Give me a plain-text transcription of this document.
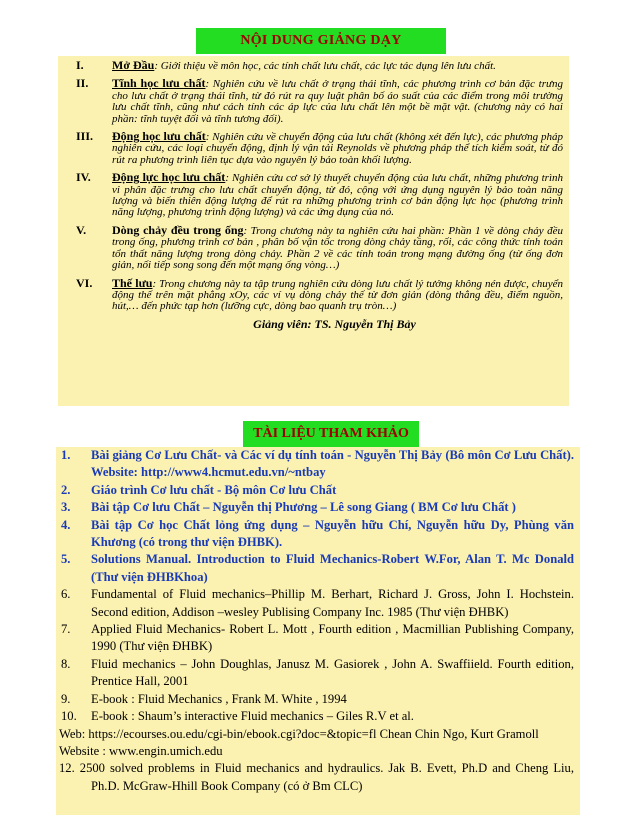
NỘI DUNG GIẢNG DẠY
I.	Mở Đầu: Giới thiệu về môn học, các tính chất lưu chất, các lực tác dụng lên lưu chất.
II.	Tĩnh học lưu chất: Nghiên cứu về lưu chất ở trạng thái tĩnh, các phương trình cơ bản đặc trưng cho lưu chất ở trạng thái tĩnh, từ đó rút ra quy luật phân bố áo suất của các điểm trong môi trường lưu chất tĩnh, cũng như cách tính các áp lực của lưu chất lên một bề mặt vật. (chương này có hai phần: tĩnh tuyệt đối và tĩnh tương đối).
III.	Động học lưu chất: Nghiên cứu về chuyển động của lưu chất (không xét đến lực), các phương pháp nghiên cứu, các loại chuyển động, định lý vận tải Reynolds về phương pháp thể tích kiểm soát, từ đó rút ra phương trình liên tục dựa vào nguyên lý bảo toàn khối lượng.
IV.	Động lực học lưu chất: Nghiên cứu cơ sở lý thuyết chuyển động của lưu chất, những phương trình vi phân đặc trưng cho lưu chất chuyển động, từ đó, cộng với ứng dụng nguyên lý bảo toàn năng lượng và biến thiên động lượng để rút ra những phương trình cơ bản động lực học (phương trình năng lượng, phương trình động lượng) và các ứng dụng của nó.
V.	Dòng chảy đều trong ống: Trong chương này ta nghiên cứu hai phần: Phần 1 về dòng chảy đều trong ống, phương trình cơ bản , phân bố vận tốc trong dòng chảy tầng, rối, các công thức tính toán tổn thất năng lượng trong dòng chảy. Phần 2 về các tính toán trong mạng đường ống (từ ống đơn giản, nối tiếp song song đến một mạng ống vòng…)
VI.	Thế lưu: Trong chương này ta tập trung nghiên cứu dòng lưu chất lý tưởng không nén được, chuyển động thế trên mặt phẳng xOy, các ví vụ dòng chảy thế từ đơn giản (dòng thẳng đều, điểm nguồn, hút,… đến phức tạp hơn (lưỡng cực, dòng bao quanh trụ tròn…)
Giảng viên: TS. Nguyễn Thị Bảy
TÀI LIỆU THAM KHẢO
1.	Bài giảng Cơ Lưu Chất- và Các ví dụ tính toán - Nguyễn Thị Bảy (Bô môn Cơ Lưu Chất). Website: http://www4.hcmut.edu.vn/~ntbay
2.	Giáo trình Cơ lưu chất - Bộ môn Cơ lưu Chất
3.	Bài tập Cơ lưu Chất – Nguyễn thị Phương – Lê song Giang ( BM Cơ lưu Chất )
4.	Bài tập Cơ học Chất lỏng ứng dụng – Nguyễn hữu Chí, Nguyễn hữu Dy, Phùng văn Khương (có trong thư viện ĐHBK).
5.	Solutions Manual. Introduction to Fluid Mechanics-Robert W.For, Alan T. Mc Donald (Thư viện ĐHBKhoa)
6.	Fundamental of Fluid mechanics–Phillip M. Berhart, Richard J. Gross, John I. Hochstein. Second edition, Addison –wesley Publising Company Inc. 1985 (Thư viện ĐHBK)
7.	Applied Fluid Mechanics- Robert L. Mott , Fourth edition , Macmillian Publishing Company, 1990 (Thư viện ĐHBK)
8.	Fluid mechanics – John Doughlas, Janusz M. Gasiorek , John A. Swaffiield. Fourth edition, Prentice Hall, 2001
9.	E-book : Fluid Mechanics , Frank M. White , 1994
10.	E-book : Shaum’s interactive Fluid mechanics – Giles R.V et al.
Web: https://ecourses.ou.edu/cgi-bin/ebook.cgi?doc=&topic=fl Chean Chin Ngo, Kurt Gramoll
Website : www.engin.umich.edu
12. 2500 solved problems in Fluid mechanics and hydraulics. Jak B. Evett, Ph.D and Cheng Liu, Ph.D. McGraw-Hhill Book Company (có ở Bm CLC)
